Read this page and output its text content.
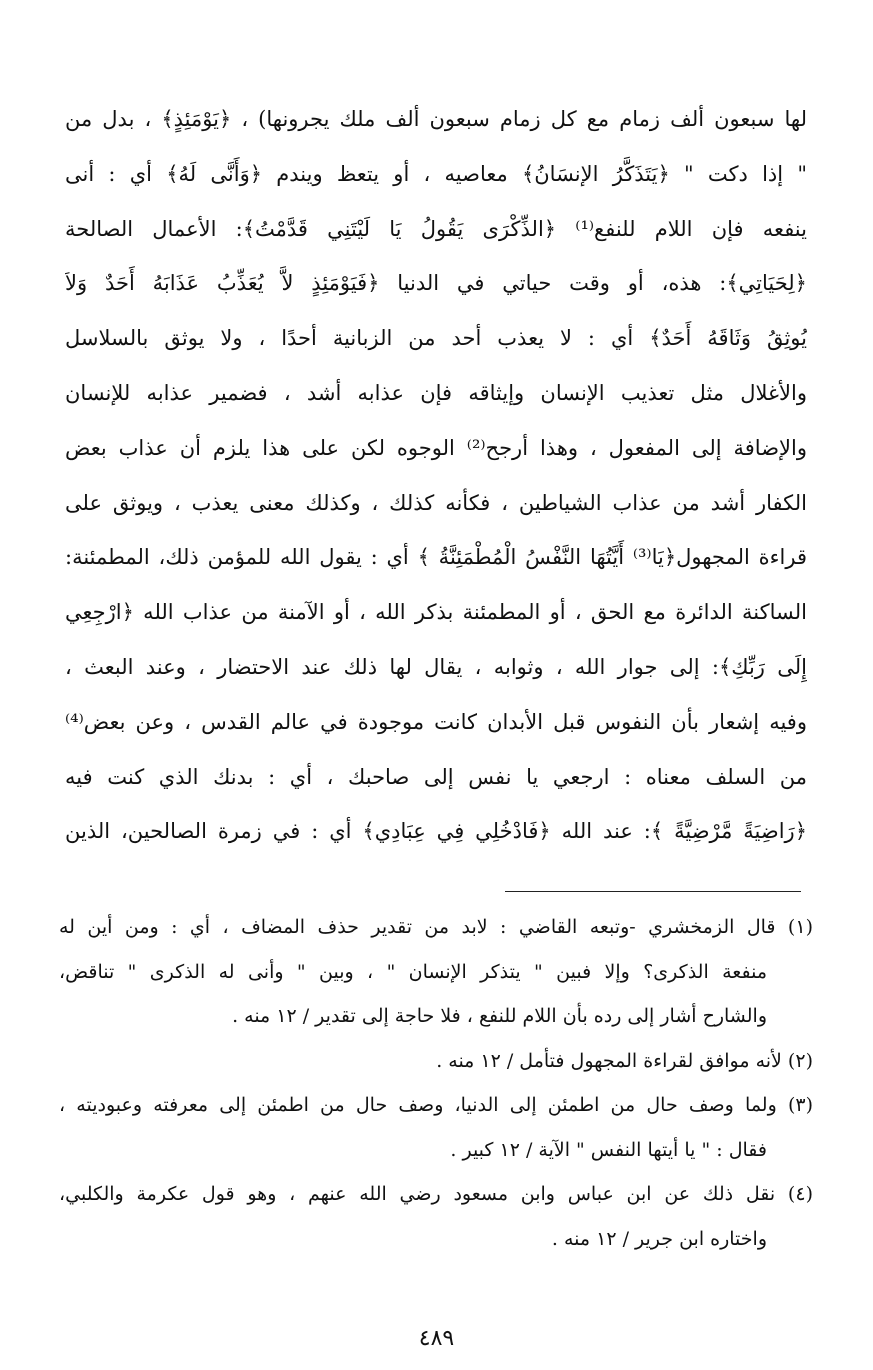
لها سبعون ألف زمام مع كل زمام سبعون ألف ملك يجرونها) ، ﴿يَوْمَئِذٍ﴾ ، بدل من
" إذا دكت " ﴿يَتَذَكَّرُ الإنسَانُ﴾ معاصيه ، أو يتعظ ويندم ﴿وَأَنَّى لَهُ﴾ أي : أنى
ينفعه فإن اللام للنفع⁽¹⁾ ﴿الذِّكْرَى يَقُولُ يَا لَيْتَنِي قَدَّمْتُ﴾: الأعمال الصالحة
﴿لِحَيَاتِي﴾: هذه، أو وقت حياتي في الدنيا ﴿فَيَوْمَئِذٍ لاَّ يُعَذِّبُ عَذَابَهُ أَحَدٌ وَلاَ
يُوثِقُ وَثَاقَهُ أَحَدٌ﴾ أي : لا يعذب أحد من الزبانية أحدًا ، ولا يوثق بالسلاسل
والأغلال مثل تعذيب الإنسان وإيثاقه فإن عذابه أشد ، فضمير عذابه للإنسان
والإضافة إلى المفعول ، وهذا أرجح⁽²⁾ الوجوه لكن على هذا يلزم أن عذاب بعض
الكفار أشد من عذاب الشياطين ، فكأنه كذلك ، وكذلك معنى يعذب ، ويوثق على
قراءة المجهول﴿يَا⁽³⁾ أَيَّتُهَا النَّفْسُ الْمُطْمَئِنَّةُ ﴾ أي : يقول الله للمؤمن ذلك، المطمئنة:
الساكنة الدائرة مع الحق ، أو المطمئنة بذكر الله ، أو الآمنة من عذاب الله ﴿ارْجِعِي
إِلَى رَبِّكِ﴾: إلى جوار الله ، وثوابه ، يقال لها ذلك عند الاحتضار ، وعند البعث ،
وفيه إشعار بأن النفوس قبل الأبدان كانت موجودة في عالم القدس ، وعن بعض⁽⁴⁾
من السلف معناه : ارجعي يا نفس إلى صاحبك ، أي : بدنك الذي كنت فيه
﴿رَاضِيَةً مَّرْضِيَّةً ﴾: عند الله ﴿فَادْخُلِي فِي عِبَادِي﴾ أي : في زمرة الصالحين، الذين
(١) قال الزمخشري -وتبعه القاضي : لابد من تقدير حذف المضاف ، أي : ومن أين له
منفعة الذكرى؟ وإلا فبين " يتذكر الإنسان " ، وبين " وأنى له الذكرى " تناقض،
والشارح أشار إلى رده بأن اللام للنفع ، فلا حاجة إلى تقدير / ١٢ منه .
(٢) لأنه موافق لقراءة المجهول فتأمل / ١٢ منه .
(٣) ولما وصف حال من اطمئن إلى الدنيا، وصف حال من اطمئن إلى معرفته وعبوديته ،
فقال : " يا أيتها النفس " الآية / ١٢ كبير .
(٤) نقل ذلك عن ابن عباس وابن مسعود رضي الله عنهم ، وهو قول عكرمة والكلبي،
واختاره ابن جرير / ١٢ منه .
٤٨٩
